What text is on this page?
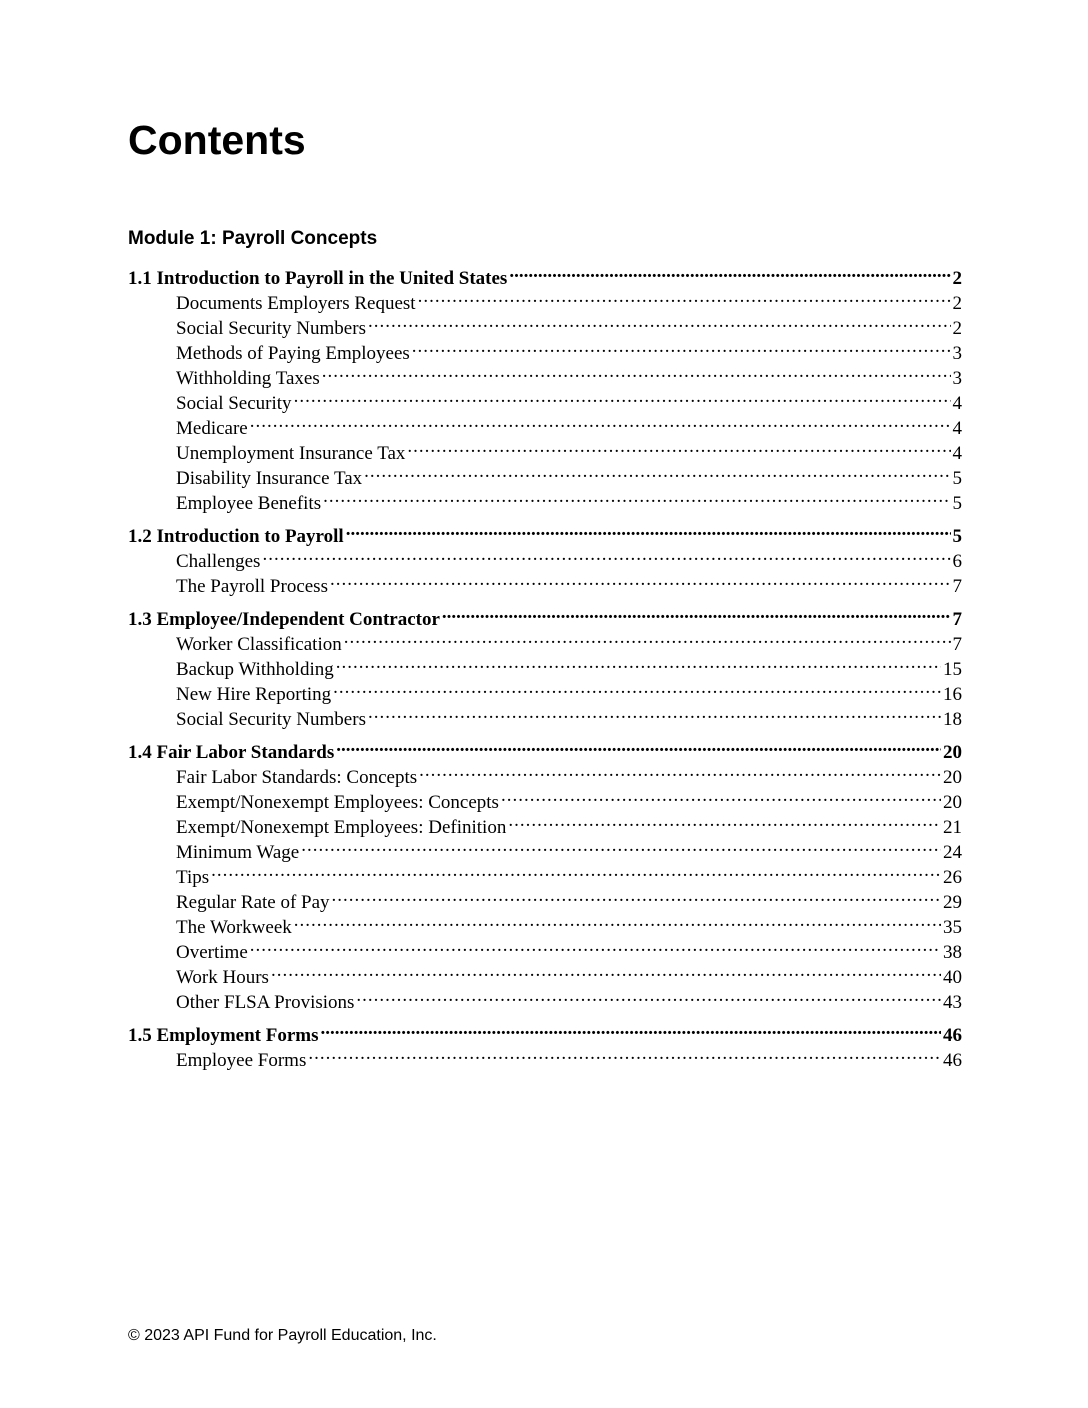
Contents
Module 1: Payroll Concepts
1.1 Introduction to Payroll in the United States .....	2
Documents Employers Request .....	2
Social Security Numbers .....	2
Methods of Paying Employees .....	3
Withholding Taxes .....	3
Social Security .....	4
Medicare .....	4
Unemployment Insurance Tax .....	4
Disability Insurance Tax .....	5
Employee Benefits .....	5
1.2 Introduction to Payroll .....	5
Challenges .....	6
The Payroll Process .....	7
1.3 Employee/Independent Contractor .....	7
Worker Classification .....	7
Backup Withholding .....	15
New Hire Reporting .....	16
Social Security Numbers .....	18
1.4 Fair Labor Standards .....	20
Fair Labor Standards: Concepts .....	20
Exempt/Nonexempt Employees: Concepts .....	20
Exempt/Nonexempt Employees: Definition .....	21
Minimum Wage .....	24
Tips .....	26
Regular Rate of Pay .....	29
The Workweek .....	35
Overtime .....	38
Work Hours .....	40
Other FLSA Provisions .....	43
1.5 Employment Forms .....	46
Employee Forms .....	46

© 2023 API Fund for Payroll Education, Inc.
